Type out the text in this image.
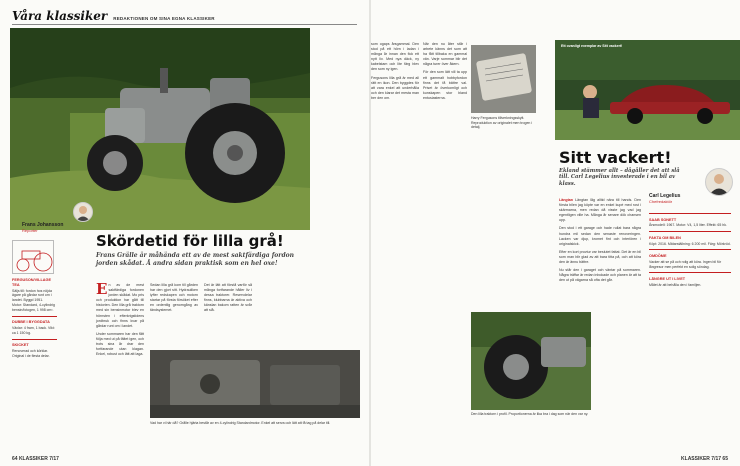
Våra klassiker REDAKTIONEN OM SINA EGNA KLASSIKER
Frans Johansson
Reporter
FERGUSON/VILLAGE TEA
Säljs till: fordon hos nöjda ägare på gårdar runt om i landet. Byggd 1951.
Motor: Standard, 4-cylindrig bensin/fotogen, 1 998 cm³.
DUBBE I BYGGDATA
Växlar: 4 fram, 1 back. Vikt: ca 1 150 kg.
SKICKET
Renoverad och körklar. Original i de flesta delar.
Skördetid för lilla grå!
Frans Grälle är måhända ett av de mest saktfärdiga fordon jorden skådat. Å andra sidan praktisk som en hel oxe!

En av de mest saktfärdiga fordonen jorden skådat. Mo pris och produktion har gått till historien. Den lilla grå traktorn med sin bensinmotor blev en hörnsten i efterkrigstidens jordbruk och finns kvar på gårdar runt om i landet.

Under sommaren har den fått följa med ut på fältet igen, och trots sina år drar den fortfarande utan klagan. Enkel, robust och lätt att laga.

Sedan lilla grå kom till gården har den gjort sitt. Hydrauliken lyfter redskapen och motorn startar på första försöket efter en ordentlig genomgång av tändsystemet.

Det är lätt att förstå varför så många fortfarande håller liv i dessa traktorer. Reservdelar finns, klubbarna är aktiva och känslan bakom ratten är svår att slå.

Vad har vi här då? Grålle hjärta består av en 4-cylindrig Standardmotor. Enkel att serva och lätt att få tag på delar till.
64 KLASSIKER 7/17

som ogaps årsgammal. Den stod på ett hörn i ladan i många år innan den fick ett nytt liv. Med nya däck, ny kabelstam och lite färg blev den som ny igen.

Fergusons lilla grå är med all rätt en ikon. Den byggdes för att vara enkel att underhålla och den klarar det mesta man ber den om.

När den nu åter står i arbete känns det som att ha fått tillbaka en gammal vän. Varje sommar blir det några turer över åkern.

För den som lätt vill ta upp ett gammalt hobbyfordon finns det få bättre val. Priset är överkomligt och kunskapen stor bland entusiasterna.

Harry Fergusons tillverkningsskylt. Reproduktion av originalet men trogen i detalj.
Den lilla traktorn i profil. Proportionerna är lika bra i dag som när den var ny.
Ett ovanligt exemplar av Sitt vackert!
Sitt vackert!
Ekland stämmer allt – dågåller det att slå till. Carl Legelius investerade i en bil av klass.
Carl Legelius
Chefredaktör

Längtan Längtan låg alltid nära till hands. Den första bilen jag köpte var en enkel kupé med rost i skärmarna, men redan då visste jag vad jag egentligen ville ha. Många år senare dök chansen upp.

Den stod i ett garage och hade rullat bara några hundra mil sedan den senaste renoveringen. Lacken var djup, kromet fint och interiören i originalskick.

Efter en kort provtur var beslutet fattat. Det är en bil som man blir glad av att bara titta på, och att köra den är ännu bättre.

Nu står den i garaget och väntar på sommaren. Några träffar är redan inbokade och planen är att ta den ut på vägarna så ofta det går.

SAAB SONETT
Årsmodell: 1967. Motor: V4, 1,5 liter. Effekt: 65 hk.
FAKTA OM BILEN
Köpt: 2016. Mätarställning: 6 200 mil. Färg: Mörkröd.
OMDÖME
Vacker att se på och rolig att köra. Ingen bil för långresor men perfekt en solig söndag.
LÄNGRE UT I LIVET
Målet är att behålla den i familjen.
KLASSIKER 7/17 65
